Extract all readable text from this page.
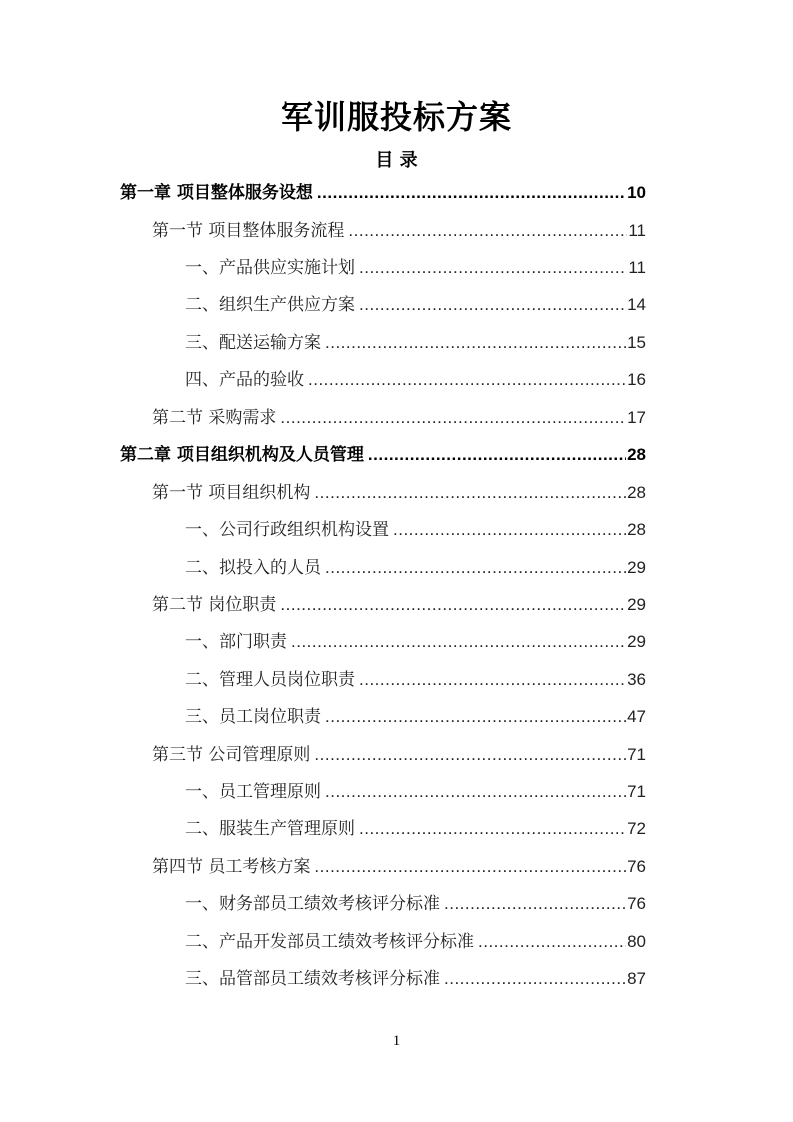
军训服投标方案
目 录
第一章 项目整体服务设想 .....	10
第一节 项目整体服务流程 .....	11
一、产品供应实施计划 .....	11
二、组织生产供应方案 .....	14
三、配送运输方案 .....	15
四、产品的验收 .....	16
第二节 采购需求 .....	17
第二章 项目组织机构及人员管理 .....	28
第一节 项目组织机构 .....	28
一、公司行政组织机构设置 .....	28
二、拟投入的人员 .....	29
第二节 岗位职责 .....	29
一、部门职责 .....	29
二、管理人员岗位职责 .....	36
三、员工岗位职责 .....	47
第三节 公司管理原则 .....	71
一、员工管理原则 .....	71
二、服装生产管理原则 .....	72
第四节 员工考核方案 .....	76
一、财务部员工绩效考核评分标准 .....	76
二、产品开发部员工绩效考核评分标准 .....	80
三、品管部员工绩效考核评分标准 .....	87
1
